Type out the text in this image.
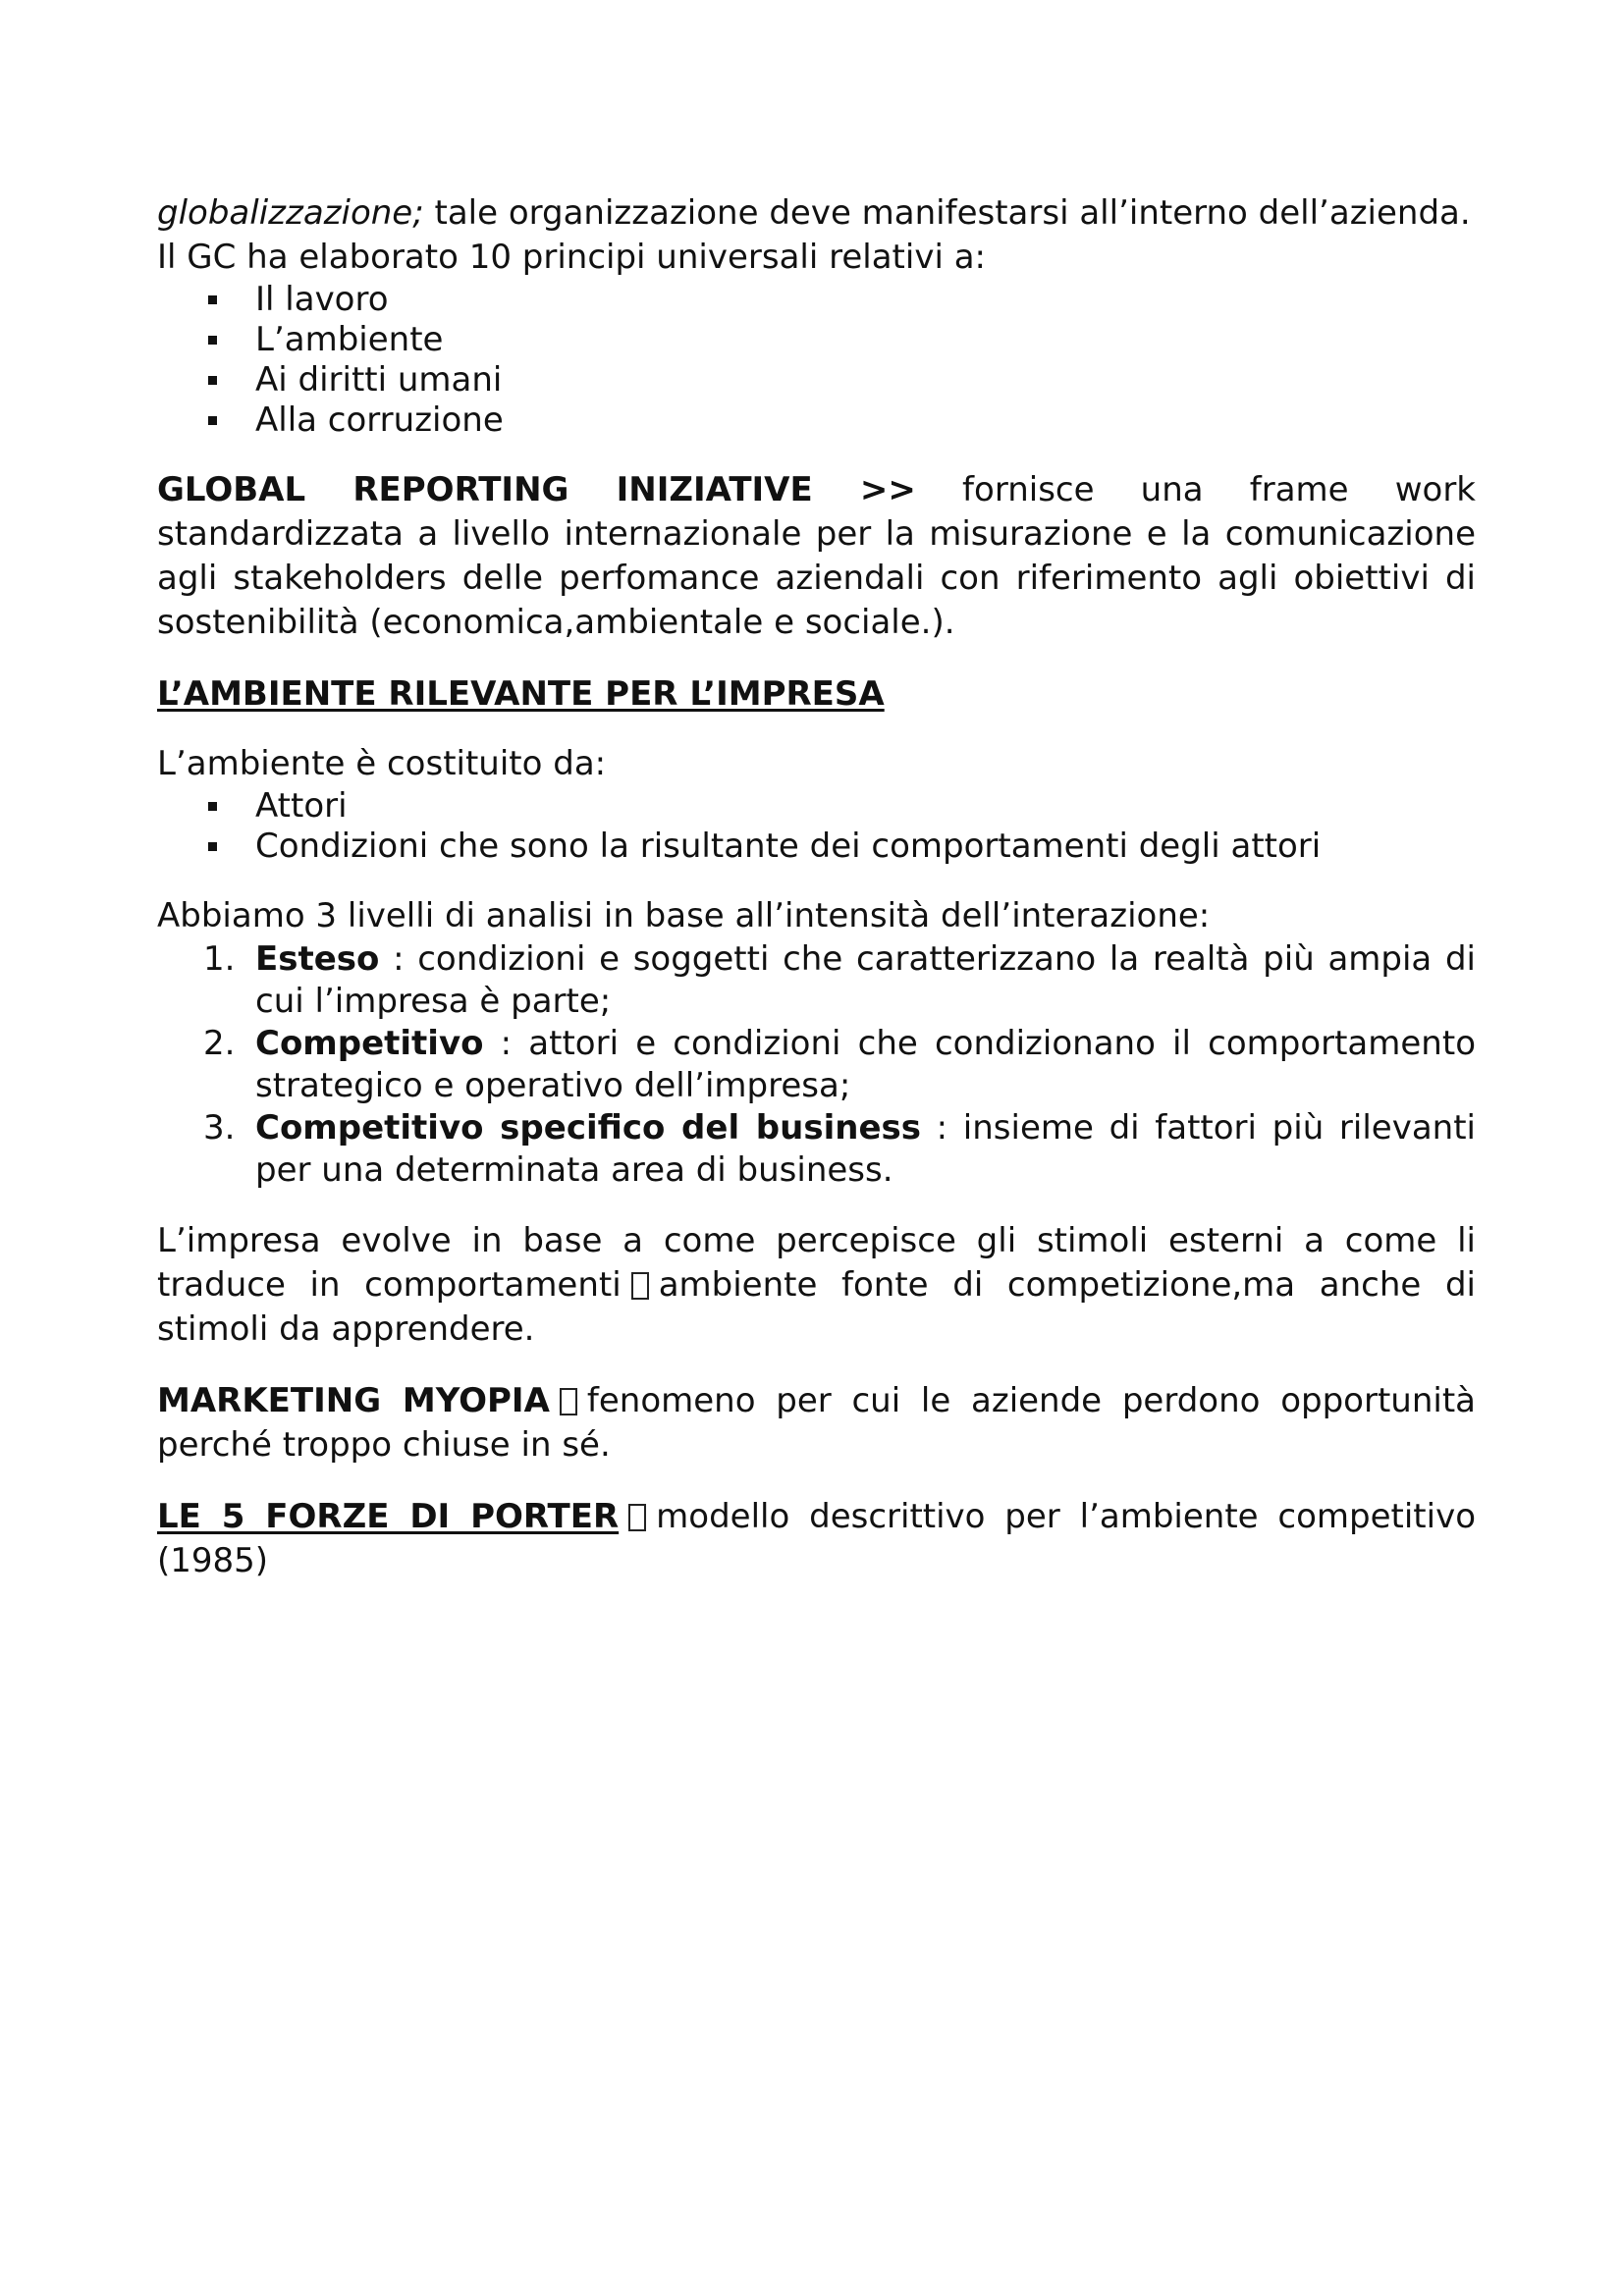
globalizzazione; tale organizzazione deve manifestarsi all’interno dell’azienda.
Il GC ha elaborato 10 principi universali relativi a:

Il lavoro
L’ambiente
Ai diritti umani
Alla corruzione

GLOBAL REPORTING INIZIATIVE >> fornisce una frame work standardizzata a livello internazionale per la misurazione e la comunicazione agli stakeholders delle perfomance aziendali con riferimento agli obiettivi di sostenibilità (economica,ambientale e sociale.).

L’AMBIENTE RILEVANTE PER L’IMPRESA

L’ambiente è costituito da:

Attori
Condizioni che sono la risultante dei comportamenti degli attori

Abbiamo 3 livelli di analisi in base all’intensità dell’interazione:

1. Esteso : condizioni e soggetti che caratterizzano la realtà più ampia di cui l’impresa è parte;
2. Competitivo : attori e condizioni che condizionano il comportamento strategico e operativo dell’impresa;
3. Competitivo specifico del business : insieme di fattori più rilevanti per una determinata area di business.

L’impresa evolve in base a come percepisce gli stimoli esterni a come li traduce in comportamenti ambiente fonte di competizione,ma anche di stimoli da apprendere.

MARKETING MYOPIA fenomeno per cui le aziende perdono opportunità perché troppo chiuse in sé.

LE 5 FORZE DI PORTER modello descrittivo per l’ambiente competitivo (1985)
